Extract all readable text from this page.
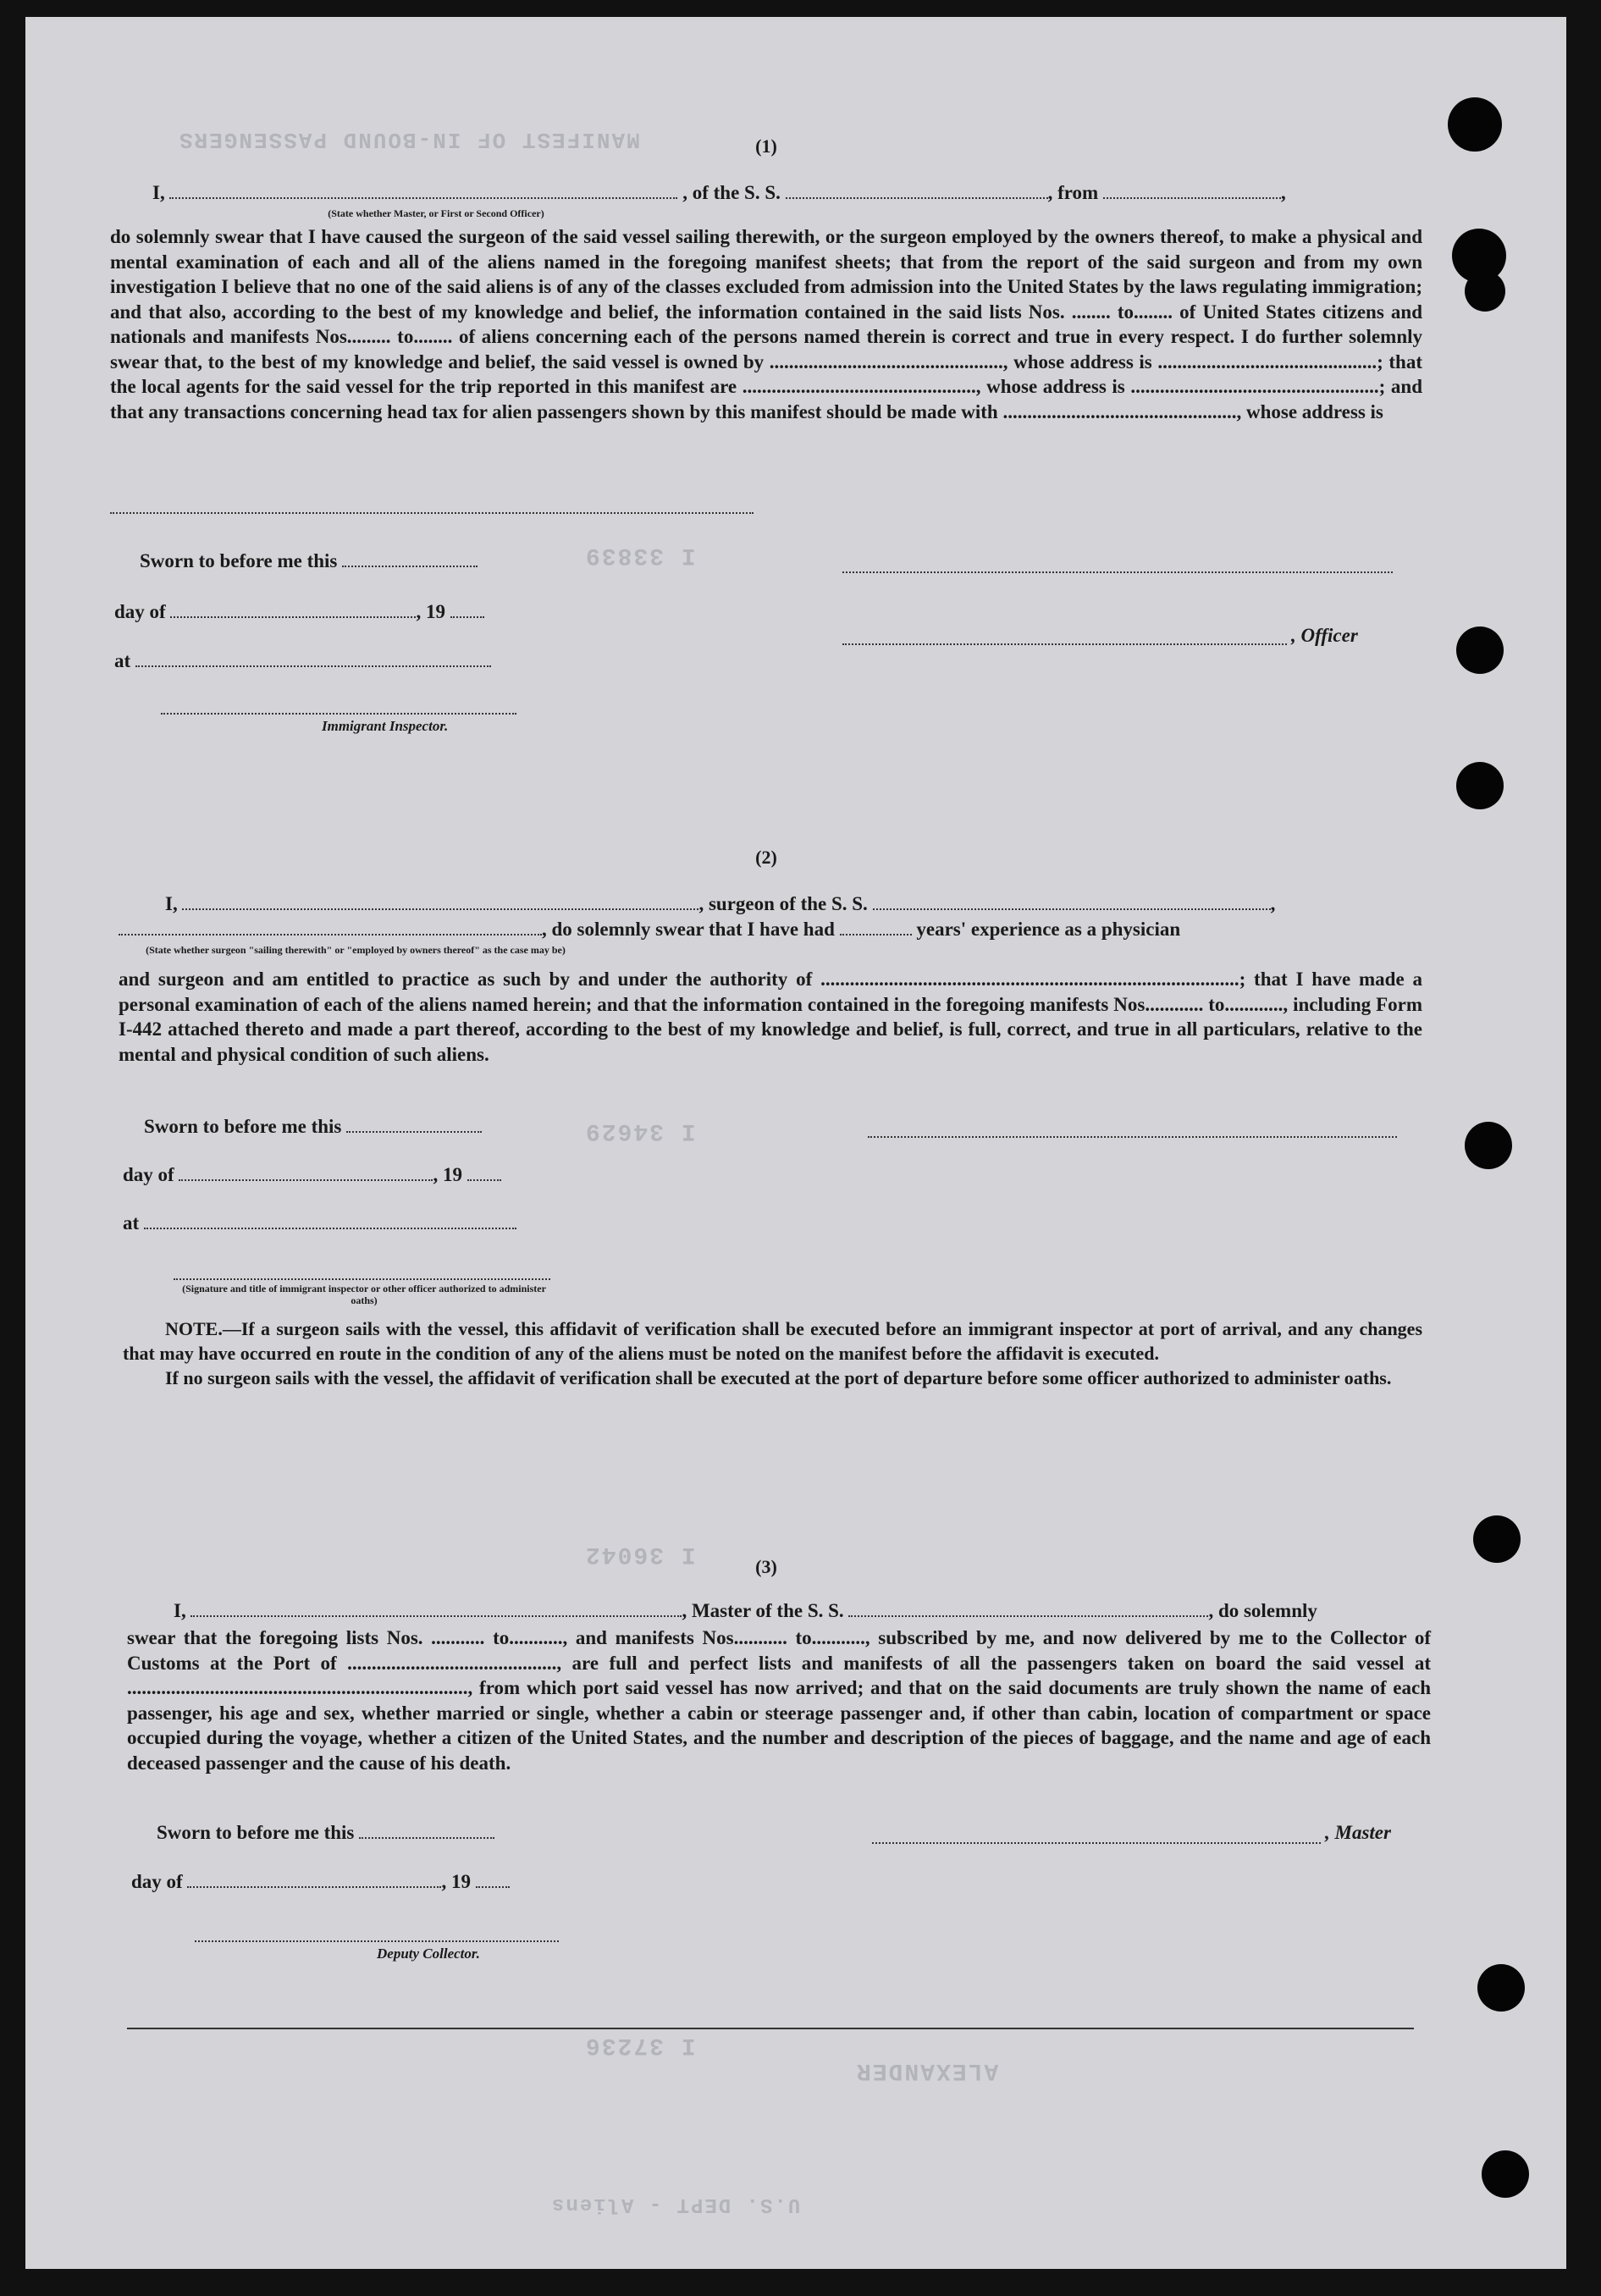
MANIFEST OF IN-BOUND PASSENGERS
I 33839
I 34629
I 36042
I 37236
ALEXANDER
U.S. DEPT - Aliens
(1)
I,	, of the S. S.	, from	,
(State whether Master, or First or Second Officer)

do solemnly swear that I have caused the surgeon of the said vessel sailing therewith, or the surgeon employed by the owners thereof, to make a physical and mental examination of each and all of the aliens named in the foregoing manifest sheets; that from the report of the said surgeon and from my own investigation I believe that no one of the said aliens is of any of the classes excluded from admission into the United States by the laws regulating immigration; and that also, according to the best of my knowledge and belief, the information contained in the said lists Nos. ........ to........ of United States citizens and nationals and manifests Nos......... to........ of aliens concerning each of the persons named therein is correct and true in every respect. I do further solemnly swear that, to the best of my knowledge and belief, the said vessel is owned by ................................................, whose address is .............................................; that the local agents for the said vessel for the trip reported in this manifest are ................................................, whose address is ...................................................; and that any transactions concerning head tax for alien passengers shown by this manifest should be made with ................................................, whose address is

Sworn to before me this
day of	, 19
, Officer
at
Immigrant Inspector.
(2)
I,	, surgeon of the S. S.	,
, do solemnly swear that I have had	years' experience as a physician
(State whether surgeon "sailing therewith" or "employed by owners thereof" as the case may be)

and surgeon and am entitled to practice as such by and under the authority of ......................................................................................; that I have made a personal examination of each of the aliens named herein; and that the information contained in the foregoing manifests Nos............ to............, including Form I-442 attached thereto and made a part thereof, according to the best of my knowledge and belief, is full, correct, and true in all particulars, relative to the mental and physical condition of such aliens.

Sworn to before me this
day of	, 19
at
(Signature and title of immigrant inspector or other officer authorized to administer oaths)

NOTE.—If a surgeon sails with the vessel, this affidavit of verification shall be executed before an immigrant inspector at port of arrival, and any changes that may have occurred en route in the condition of any of the aliens must be noted on the manifest before the affidavit is executed.

If no surgeon sails with the vessel, the affidavit of verification shall be executed at the port of departure before some officer authorized to administer oaths.

(3)
I,	, Master of the S. S.	, do solemnly

swear that the foregoing lists Nos. ........... to..........., and manifests Nos........... to..........., subscribed by me, and now delivered by me to the Collector of Customs at the Port of ..........................................., are full and perfect lists and manifests of all the passengers taken on board the said vessel at ......................................................................, from which port said vessel has now arrived; and that on the said documents are truly shown the name of each passenger, his age and sex, whether married or single, whether a cabin or steerage passenger and, if other than cabin, location of compartment or space occupied during the voyage, whether a citizen of the United States, and the number and description of the pieces of baggage, and the name and age of each deceased passenger and the cause of his death.

Sworn to before me this	, Master
day of	, 19
Deputy Collector.
